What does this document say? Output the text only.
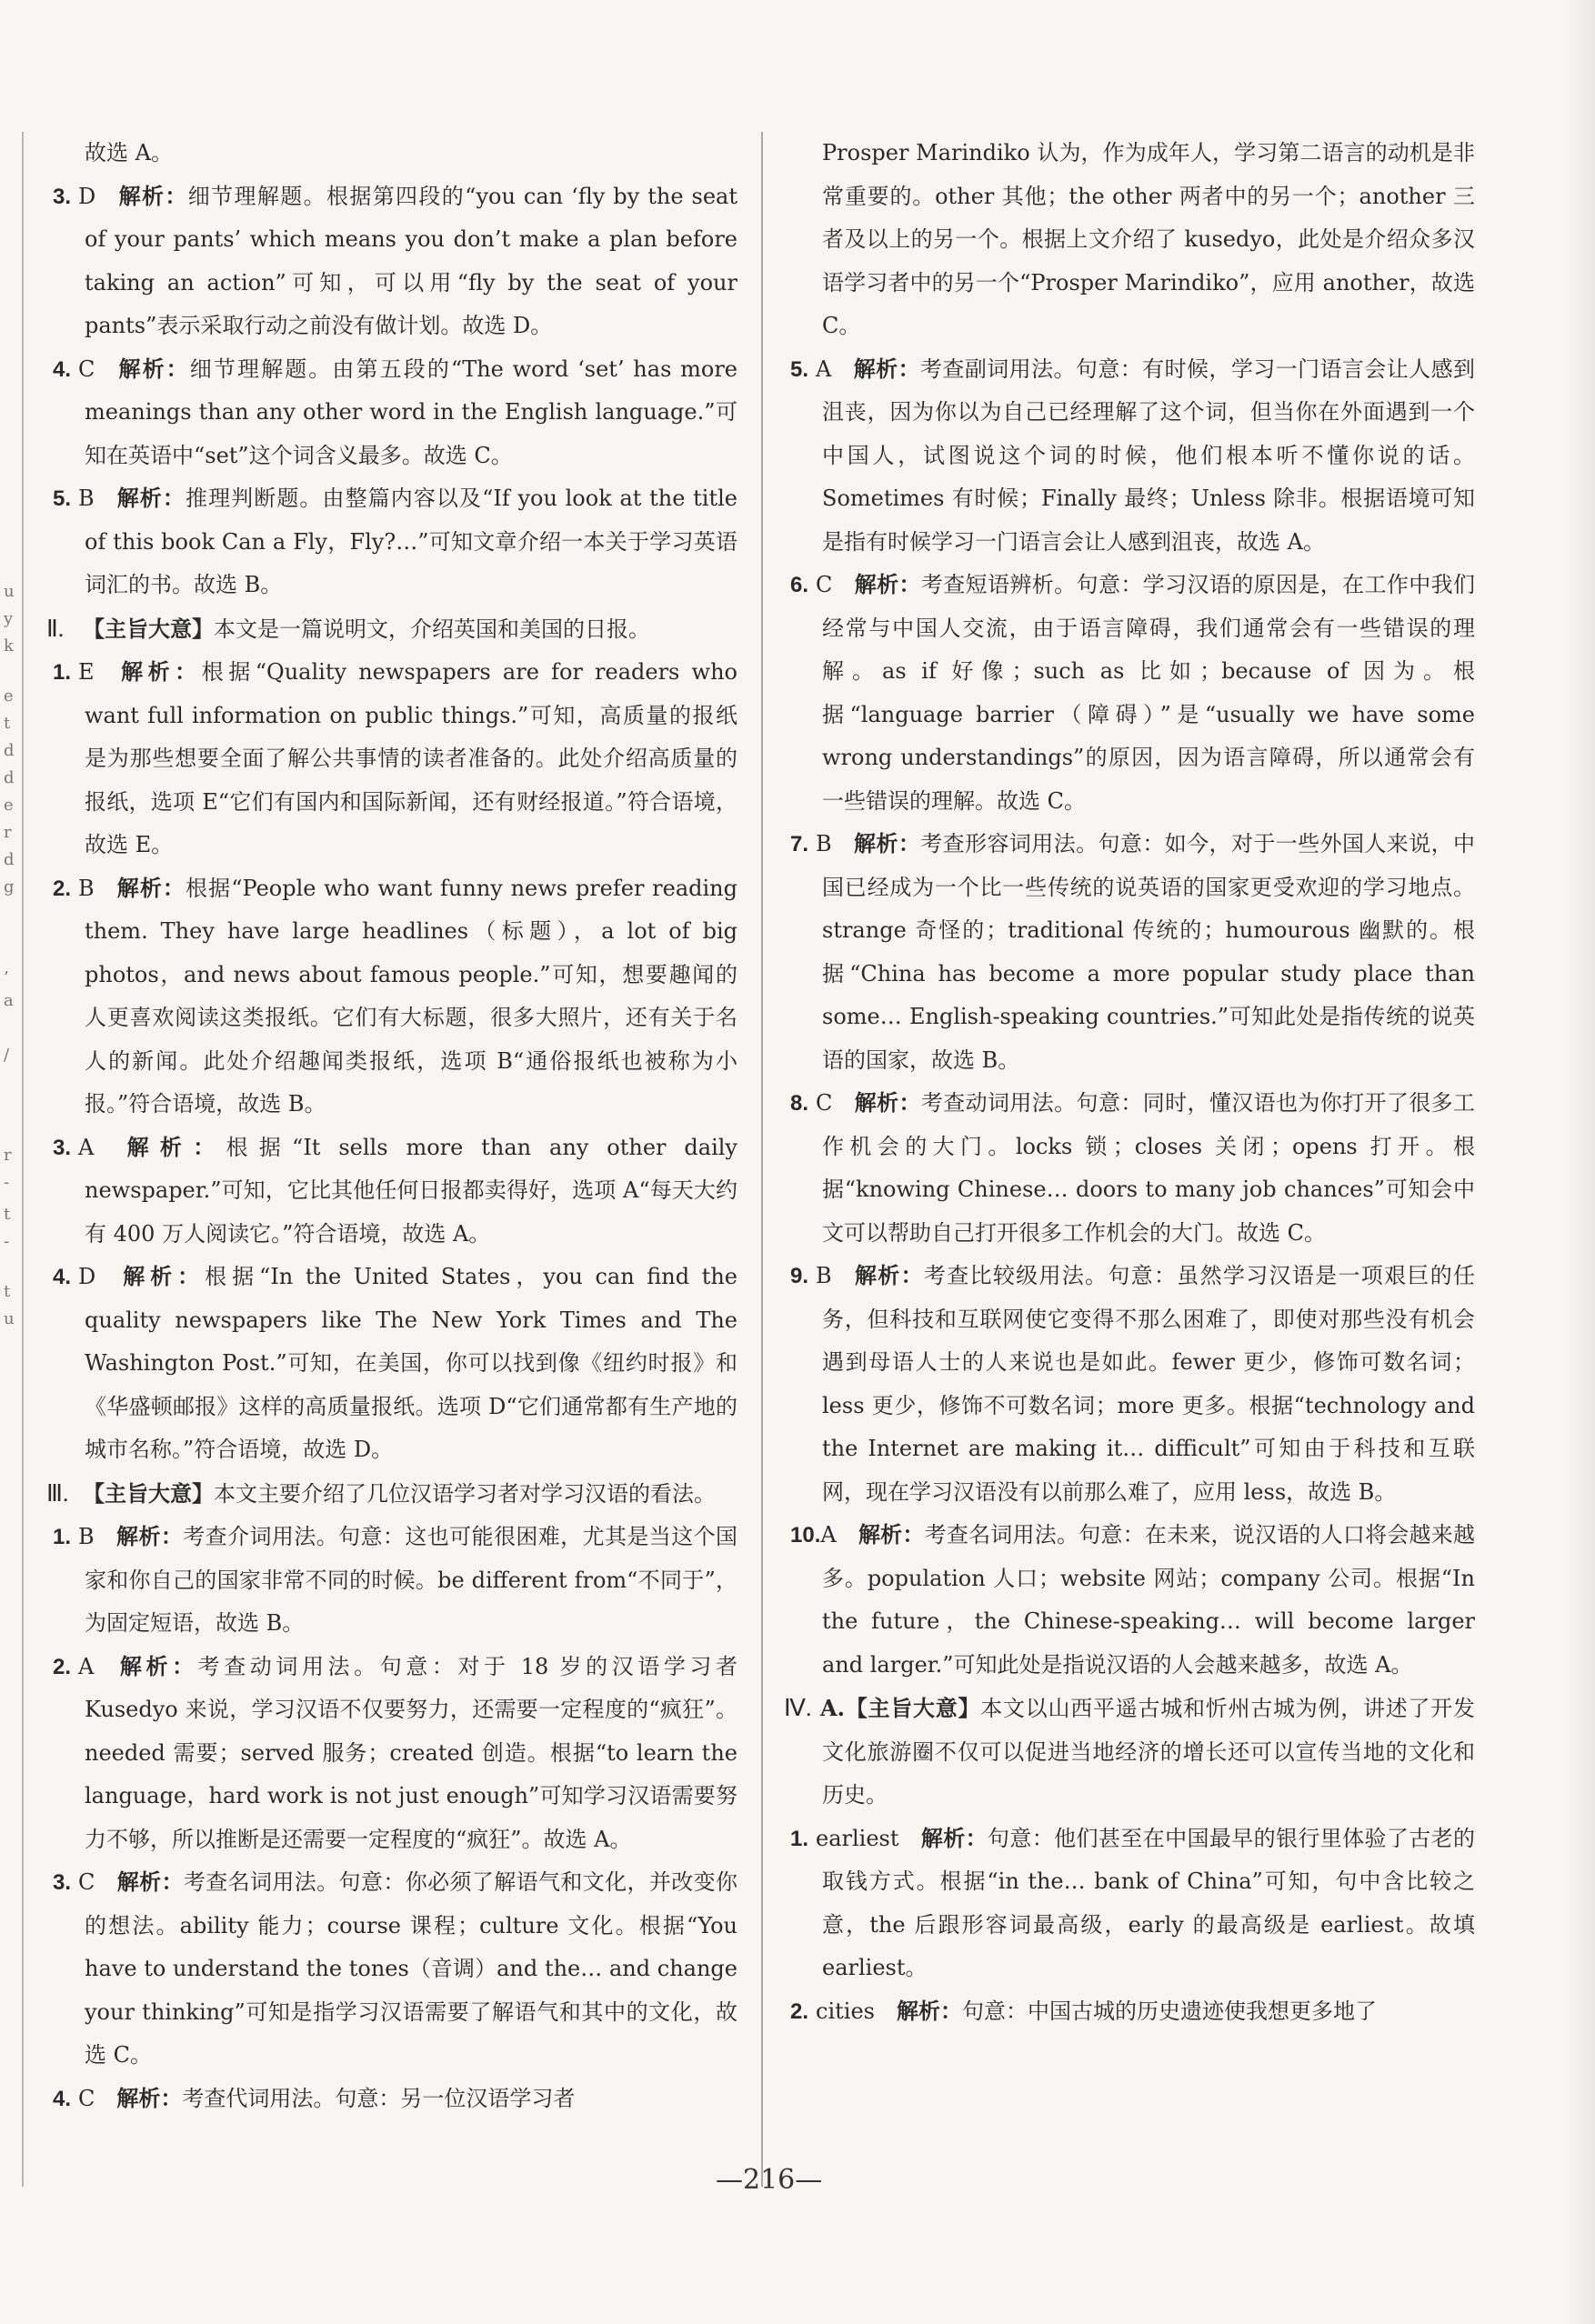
u
y
k
e
t
d
d
e
r
d
g
’
a
/
r
-
t
-
t
u

故选 A。

3. D 解析：细节理解题。根据第四段的“you can ‘fly by the seat of your pants’ which means you don’t make a plan before taking an action”可知，可以用“fly by the seat of your pants”表示采取行动之前没有做计划。故选 D。

4. C 解析：细节理解题。由第五段的“The word ‘set’ has more meanings than any other word in the English language.”可知在英语中“set”这个词含义最多。故选 C。

5. B 解析：推理判断题。由整篇内容以及“If you look at the title of this book Can a Fly，Fly?…”可知文章介绍一本关于学习英语词汇的书。故选 B。

Ⅱ. 【主旨大意】本文是一篇说明文，介绍英国和美国的日报。

1. E 解析：根据“Quality newspapers are for readers who want full information on public things.”可知，高质量的报纸是为那些想要全面了解公共事情的读者准备的。此处介绍高质量的报纸，选项 E“它们有国内和国际新闻，还有财经报道。”符合语境，故选 E。

2. B 解析：根据“People who want funny news prefer reading them. They have large headlines（标题），a lot of big photos，and news about famous people.”可知，想要趣闻的人更喜欢阅读这类报纸。它们有大标题，很多大照片，还有关于名人的新闻。此处介绍趣闻类报纸，选项 B“通俗报纸也被称为小报。”符合语境，故选 B。

3. A 解析：根据“It sells more than any other daily newspaper.”可知，它比其他任何日报都卖得好，选项 A“每天大约有 400 万人阅读它。”符合语境，故选 A。

4. D 解析：根据“In the United States，you can find the quality newspapers like The New York Times and The Washington Post.”可知，在美国，你可以找到像《纽约时报》和《华盛顿邮报》这样的高质量报纸。选项 D“它们通常都有生产地的城市名称。”符合语境，故选 D。

Ⅲ. 【主旨大意】本文主要介绍了几位汉语学习者对学习汉语的看法。

1. B 解析：考查介词用法。句意：这也可能很困难，尤其是当这个国家和你自己的国家非常不同的时候。be different from“不同于”，为固定短语，故选 B。

2. A 解析：考查动词用法。句意：对于 18 岁的汉语学习者 Kusedyo 来说，学习汉语不仅要努力，还需要一定程度的“疯狂”。needed 需要；served 服务；created 创造。根据“to learn the language，hard work is not just enough”可知学习汉语需要努力不够，所以推断是还需要一定程度的“疯狂”。故选 A。

3. C 解析：考查名词用法。句意：你必须了解语气和文化，并改变你的想法。ability 能力；course 课程；culture 文化。根据“You have to understand the tones（音调）and the… and change your thinking”可知是指学习汉语需要了解语气和其中的文化，故选 C。

4. C 解析：考查代词用法。句意：另一位汉语学习者

Prosper Marindiko 认为，作为成年人，学习第二语言的动机是非常重要的。other 其他；the other 两者中的另一个；another 三者及以上的另一个。根据上文介绍了 kusedyo，此处是介绍众多汉语学习者中的另一个“Prosper Marindiko”，应用 another，故选 C。

5. A 解析：考查副词用法。句意：有时候，学习一门语言会让人感到沮丧，因为你以为自己已经理解了这个词，但当你在外面遇到一个中国人，试图说这个词的时候，他们根本听不懂你说的话。Sometimes 有时候；Finally 最终；Unless 除非。根据语境可知是指有时候学习一门语言会让人感到沮丧，故选 A。

6. C 解析：考查短语辨析。句意：学习汉语的原因是，在工作中我们经常与中国人交流，由于语言障碍，我们通常会有一些错误的理解。as if 好像；such as 比如；because of 因为。根据“language barrier（障碍）”是“usually we have some wrong understandings”的原因，因为语言障碍，所以通常会有一些错误的理解。故选 C。

7. B 解析：考查形容词用法。句意：如今，对于一些外国人来说，中国已经成为一个比一些传统的说英语的国家更受欢迎的学习地点。strange 奇怪的；traditional 传统的；humourous 幽默的。根据“China has become a more popular study place than some… English-speaking countries.”可知此处是指传统的说英语的国家，故选 B。

8. C 解析：考查动词用法。句意：同时，懂汉语也为你打开了很多工作机会的大门。locks 锁；closes 关闭；opens 打开。根据“knowing Chinese… doors to many job chances”可知会中文可以帮助自己打开很多工作机会的大门。故选 C。

9. B 解析：考查比较级用法。句意：虽然学习汉语是一项艰巨的任务，但科技和互联网使它变得不那么困难了，即使对那些没有机会遇到母语人士的人来说也是如此。fewer 更少，修饰可数名词；less 更少，修饰不可数名词；more 更多。根据“technology and the Internet are making it… difficult”可知由于科技和互联网，现在学习汉语没有以前那么难了，应用 less，故选 B。

10.A 解析：考查名词用法。句意：在未来，说汉语的人口将会越来越多。population 人口；website 网站；company 公司。根据“In the future，the Chinese-speaking… will become larger and larger.”可知此处是指说汉语的人会越来越多，故选 A。

Ⅳ. A.【主旨大意】本文以山西平遥古城和忻州古城为例，讲述了开发文化旅游圈不仅可以促进当地经济的增长还可以宣传当地的文化和历史。

1. earliest 解析：句意：他们甚至在中国最早的银行里体验了古老的取钱方式。根据“in the… bank of China”可知，句中含比较之意，the 后跟形容词最高级，early 的最高级是 earliest。故填 earliest。

2. cities 解析：句意：中国古城的历史遗迹使我想更多地了

—216—
